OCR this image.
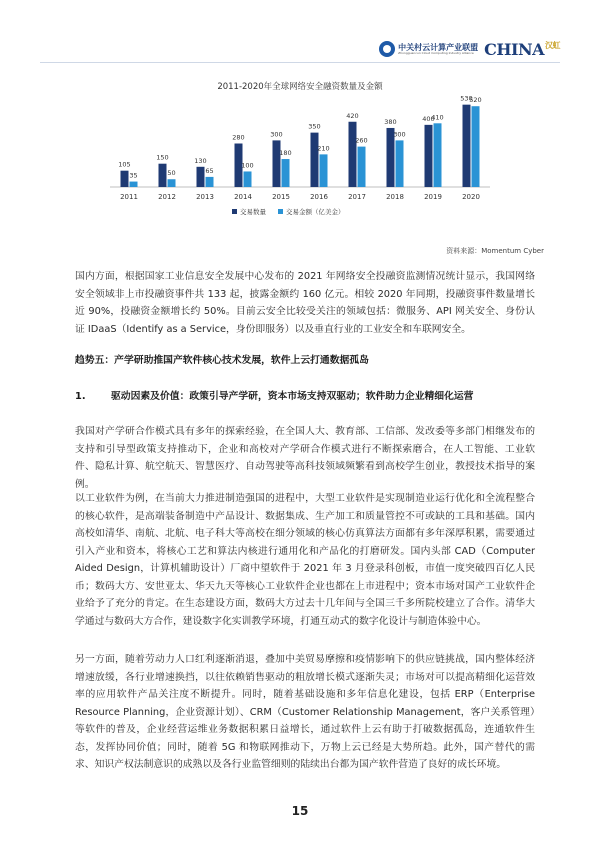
中关村云计算产业联盟
Zhongguancun Cloud Computing Industry Alliance $CHINA^{汉虹}$
2011-2020年全球网络安全融资数量及金额
105
35
2011
150
50
2012
130
65
2013
280
100
2014
300
180
2015
350
210
2016
420
260
2017
380
300
2018
400
410
2019
530
520
2020
交易数量	交易金额（亿美金）
资料来源：Momentum Cyber

国内方面，根据国家工业信息安全发展中心发布的 2021 年网络安全投融资监测情况统计显示，我国网络安全领域非上市投融资事件共 133 起，披露金额约 160 亿元。相较 2020 年同期，投融资事件数量增长近 90%，投融资金额增长约 50%。目前云安全比较受关注的领域包括：微服务、API 网关安全、身份认证 IDaaS（Identify as a Service，身份即服务）以及垂直行业的工业安全和车联网安全。

趋势五：产学研助推国产软件核心技术发展，软件上云打通数据孤岛

1.	驱动因素及价值：政策引导产学研，资本市场支持双驱动；软件助力企业精细化运营

我国对产学研合作模式具有多年的探索经验，在全国人大、教育部、工信部、发改委等多部门相继发布的支持和引导型政策支持推动下，企业和高校对产学研合作模式进行不断探索磨合，在人工智能、工业软件、隐私计算、航空航天、智慧医疗、自动驾驶等高科技领域频繁看到高校学生创业，教授技术指导的案例。

以工业软件为例，在当前大力推进制造强国的进程中，大型工业软件是实现制造业运行优化和全流程整合的核心软件，是高端装备制造中产品设计、数据集成、生产加工和质量管控不可或缺的工具和基础。国内高校如清华、南航、北航、电子科大等高校在细分领域的核心仿真算法方面都有多年深厚积累，需要通过引入产业和资本，将核心工艺和算法内核进行通用化和产品化的打磨研发。国内头部 CAD（Computer Aided Design，计算机辅助设计）厂商中望软件于 2021 年 3 月登录科创板，市值一度突破四百亿人民币；数码大方、安世亚太、华天九天等核心工业软件企业也都在上市进程中；资本市场对国产工业软件企业给予了充分的肯定。在生态建设方面，数码大方过去十几年间与全国三千多所院校建立了合作。清华大学通过与数码大方合作，建设数字化实训教学环境，打通互动式的数字化设计与制造体验中心。

另一方面，随着劳动力人口红利逐渐消退，叠加中美贸易摩擦和疫情影响下的供应链挑战，国内整体经济增速放缓，各行业增速换挡，以往依赖销售驱动的粗放增长模式逐渐失灵；市场对可以提高精细化运营效率的应用软件产品关注度不断提升。同时，随着基础设施和多年信息化建设，包括 ERP（Enterprise Resource Planning，企业资源计划）、CRM（Customer Relationship Management，客户关系管理）等软件的普及，企业经营运维业务数据积累日益增长，通过软件上云有助于打破数据孤岛，连通软件生态，发挥协同价值；同时，随着 5G 和物联网推动下，万物上云已经是大势所趋。此外，国产替代的需求、知识产权法制意识的成熟以及各行业监管细则的陆续出台都为国产软件营造了良好的成长环境。

15
